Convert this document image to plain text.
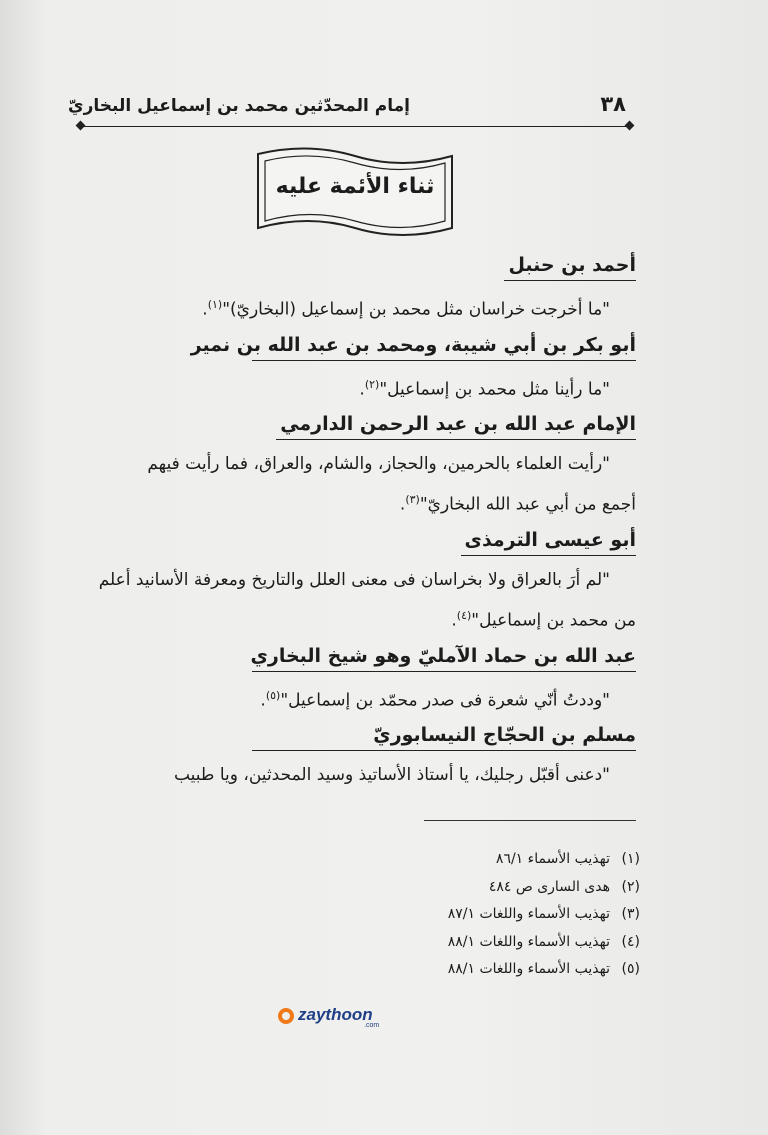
إمام المحدّثين محمد بن إسماعيل البخاريّ	٣٨
ثناء الأئمة عليه
أحمد بن حنبل
"ما أخرجت خراسان مثل محمد بن إسماعيل (البخاريّ)"$^{(١)}$.
أبو بكر بن أبي شيبة، ومحمد بن عبد الله بن نمير
"ما رأينا مثل محمد بن إسماعيل"$^{(٢)}$.
الإمام عبد الله بن عبد الرحمن الدارمي
"رأيت العلماء بالحرمين، والحجاز، والشام، والعراق، فما رأيت فيهم
أجمع من أبي عبد الله البخاريّ"$^{(٣)}$.
أبو عيسى الترمذى
"لم أرَ بالعراق ولا بخراسان فى معنى العلل والتاريخ ومعرفة الأسانيد أعلم
من محمد بن إسماعيل"$^{(٤)}$.
عبد الله بن حماد الآمليّ وهو شيخ البخاري
"وددتُ أنّي شعرة فى صدر محمّد بن إسماعيل"$^{(٥)}$.
مسلم بن الحجّاج النيسابوريّ
"دعنى أقبّل رجليك، يا أستاذ الأساتيذ وسيد المحدثين، ويا طبيب
(١)تهذيب الأسماء ٨٦/١
(٢)هدى السارى ص ٤٨٤
(٣)تهذيب الأسماء واللغات ٨٧/١
(٤)تهذيب الأسماء واللغات ٨٨/١
(٥)تهذيب الأسماء واللغات ٨٨/١
zaythoon
.com
